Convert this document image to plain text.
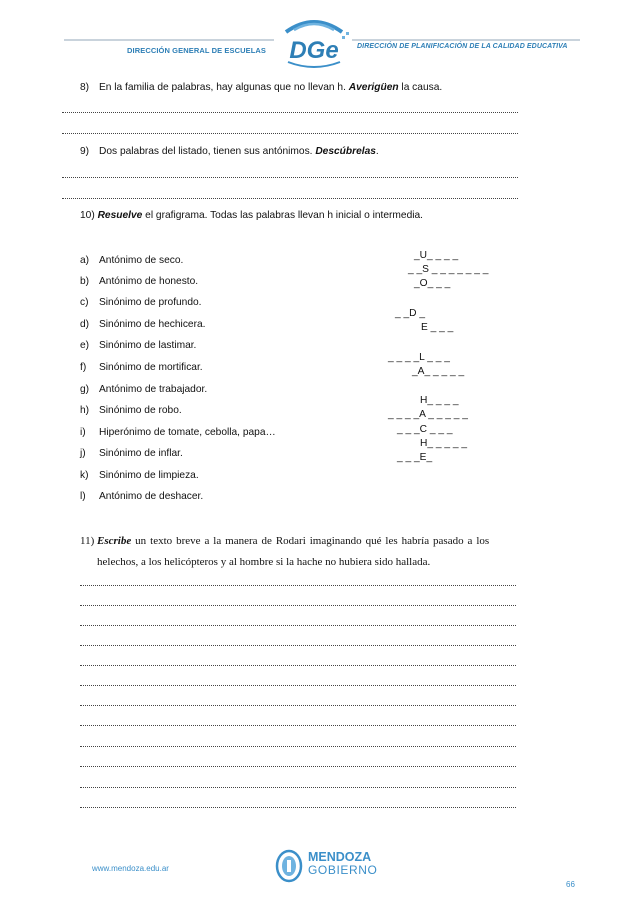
DIRECCIÓN GENERAL DE ESCUELAS DGe	DIRECCIÓN DE PLANIFICACIÓN DE LA CALIDAD EDUCATIVA
8) En la familia de palabras, hay algunas que no llevan h. Averigüen la causa.
9) Dos palabras del listado, tienen sus antónimos. Descúbrelas.
10) Resuelve el grafigrama. Todas las palabras llevan h inicial o intermedia.
a) Antónimo de seco.
b) Antónimo de honesto.
c) Sinónimo de profundo.
d) Sinónimo de hechicera.
e) Sinónimo de lastimar.
f) Sinónimo de mortificar.
g) Antónimo de trabajador.
h) Sinónimo de robo.
i) Hiperónimo de tomate, cebolla, papa…
j) Sinónimo de inflar.
k) Sinónimo de limpieza.
l) Antónimo de deshacer.
_U_ _ _ _
_ _S _ _ _ _ _ _ _
_O_ _ _
_ _D _
E _ _ _
_ _ _ _L _ _ _
_A_ _ _ _ _
H_ _ _ _
_ _ _ _A _ _ _ _ _
_ _ _C _ _ _
H_ _ _ _ _
_ _ _E_
11) Escribe un texto breve a la manera de Rodari imaginando qué les habría pasado a los
helechos, a los helicópteros y al hombre si la hache no hubiera sido hallada.
www.mendoza.edu.ar
MENDOZA
GOBIERNO
66
